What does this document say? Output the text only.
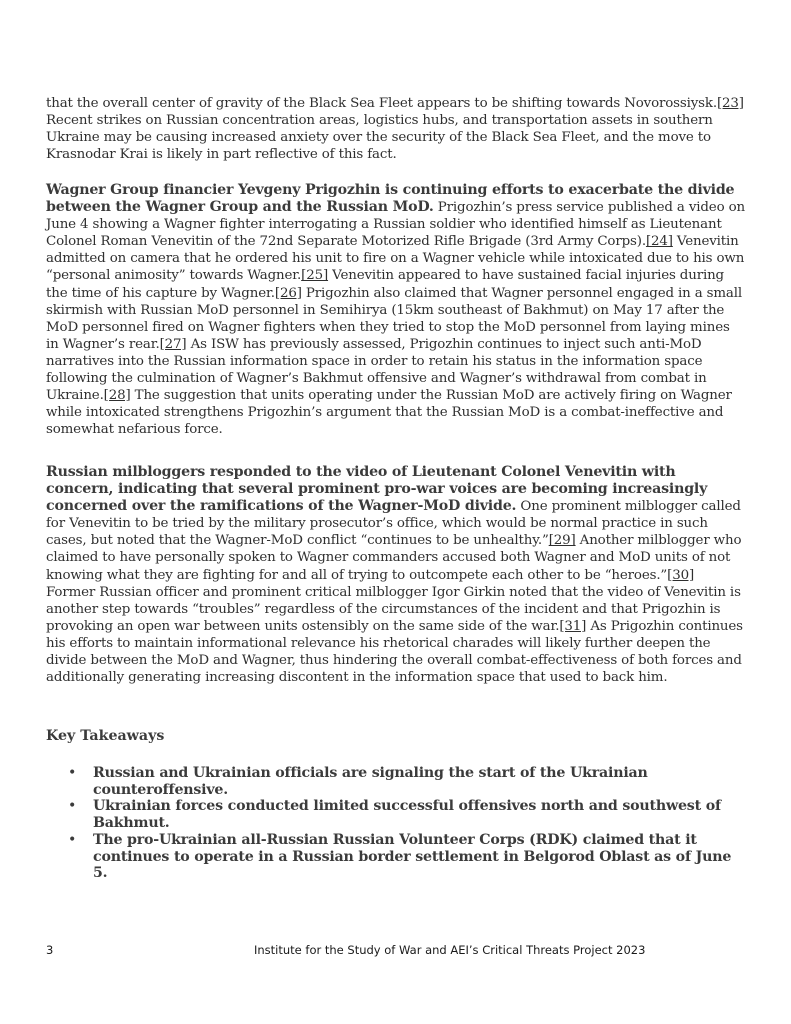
that the overall center of gravity of the Black Sea Fleet appears to be shifting towards Novorossiysk.[23] Recent strikes on Russian concentration areas, logistics hubs, and transportation assets in southern Ukraine may be causing increased anxiety over the security of the Black Sea Fleet, and the move to Krasnodar Krai is likely in part reflective of this fact.

Wagner Group financier Yevgeny Prigozhin is continuing efforts to exacerbate the divide between the Wagner Group and the Russian MoD. Prigozhin’s press service published a video on June 4 showing a Wagner fighter interrogating a Russian soldier who identified himself as Lieutenant Colonel Roman Venevitin of the 72nd Separate Motorized Rifle Brigade (3rd Army Corps).[24] Venevitin admitted on camera that he ordered his unit to fire on a Wagner vehicle while intoxicated due to his own “personal animosity” towards Wagner.[25] Venevitin appeared to have sustained facial injuries during the time of his capture by Wagner.[26] Prigozhin also claimed that Wagner personnel engaged in a small skirmish with Russian MoD personnel in Semihirya (15km southeast of Bakhmut) on May 17 after the MoD personnel fired on Wagner fighters when they tried to stop the MoD personnel from laying mines in Wagner’s rear.[27] As ISW has previously assessed, Prigozhin continues to inject such anti-MoD narratives into the Russian information space in order to retain his status in the information space following the culmination of Wagner’s Bakhmut offensive and Wagner’s withdrawal from combat in Ukraine.[28] The suggestion that units operating under the Russian MoD are actively firing on Wagner while intoxicated strengthens Prigozhin’s argument that the Russian MoD is a combat-ineffective and somewhat nefarious force.

Russian milbloggers responded to the video of Lieutenant Colonel Venevitin with concern, indicating that several prominent pro-war voices are becoming increasingly concerned over the ramifications of the Wagner-MoD divide. One prominent milblogger called for Venevitin to be tried by the military prosecutor’s office, which would be normal practice in such cases, but noted that the Wagner-MoD conflict “continues to be unhealthy.”[29] Another milblogger who claimed to have personally spoken to Wagner commanders accused both Wagner and MoD units of not knowing what they are fighting for and all of trying to outcompete each other to be “heroes.”[30] Former Russian officer and prominent critical milblogger Igor Girkin noted that the video of Venevitin is another step towards “troubles” regardless of the circumstances of the incident and that Prigozhin is provoking an open war between units ostensibly on the same side of the war.[31] As Prigozhin continues his efforts to maintain informational relevance his rhetorical charades will likely further deepen the divide between the MoD and Wagner, thus hindering the overall combat-effectiveness of both forces and additionally generating increasing discontent in the information space that used to back him.

Key Takeaways
• Russian and Ukrainian officials are signaling the start of the Ukrainian counteroffensive.
• Ukrainian forces conducted limited successful offensives north and southwest of Bakhmut.
• The pro-Ukrainian all-Russian Russian Volunteer Corps (RDK) claimed that it continues to operate in a Russian border settlement in Belgorod Oblast as of June 5.
3	Institute for the Study of War and AEI’s Critical Threats Project 2023
